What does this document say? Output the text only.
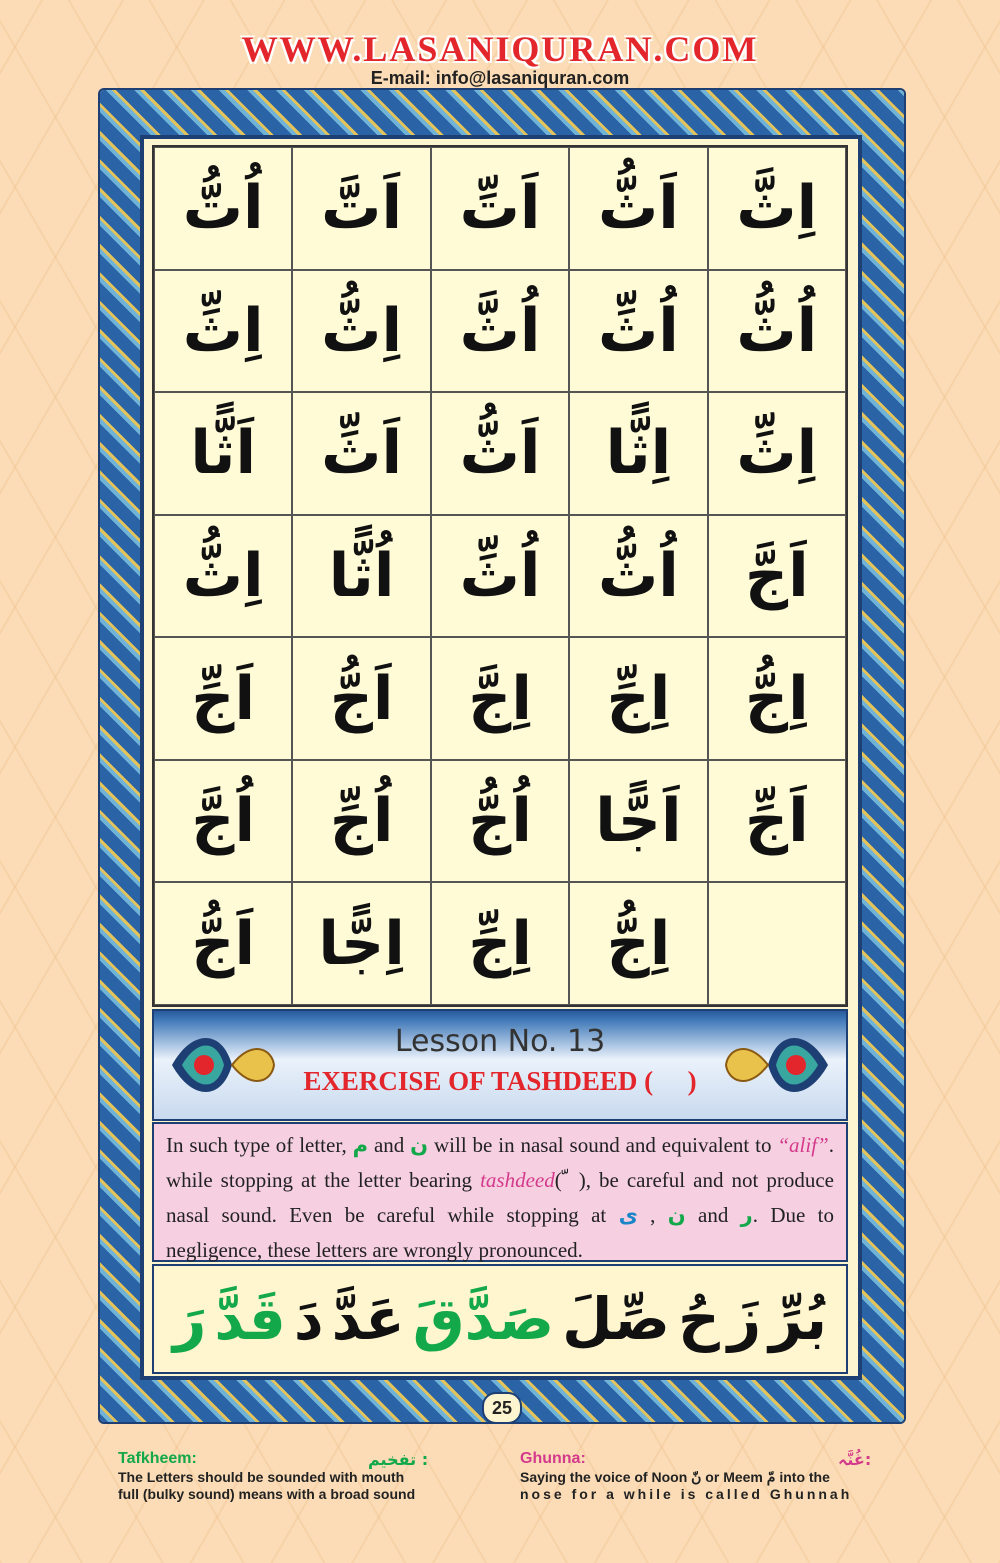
WWW.LASANIQURAN.COM
E-mail: info@lasaniquran.com
اُتُّ اَتَّ اَتِّ اَثُّ اِثَّ
اِثِّ اِثُّ اُثَّ اُثِّ اُثُّ
اَثًّا	اَثِّ اَثُّ	اِثًّا	اِثِّ
اِثُّ	اُثًّا	اُثِّ اُثُّ	اَجَّ
اَجِّ	اَجُّ	اِجَّ	اِجِّ	اِجُّ
اُجَّ	اُجِّ	اُجُّ	اَجًّا	اَجِّ
اَجُّ	اِجًّا	اِجِّ	اِجُّ
Lesson No. 13
EXERCISE OF TASHDEED ( ّ )
In such type of letter, م and ن will be in nasal sound and equivalent to “alif”. while stopping at the letter bearing tashdeed( ّ ), be careful and not produce nasal sound. Even be careful while stopping at	ن , ی	and ر. Due to negligence, these letters are wrongly pronounced.
بُرِّ
زَ
حُ
صِّلَ
صَدَّقَ
عَدَّ
دَ
قَدَّ
رَ
25
Tafkheem:	تفخیم :
The Letters should be sounded with mouth
full (bulky sound) means with a broad sound
Ghunna:	غُنَّہ:
Saying the voice of Noon نّ or Meem مّ into the
nose for a while is called Ghunnah
